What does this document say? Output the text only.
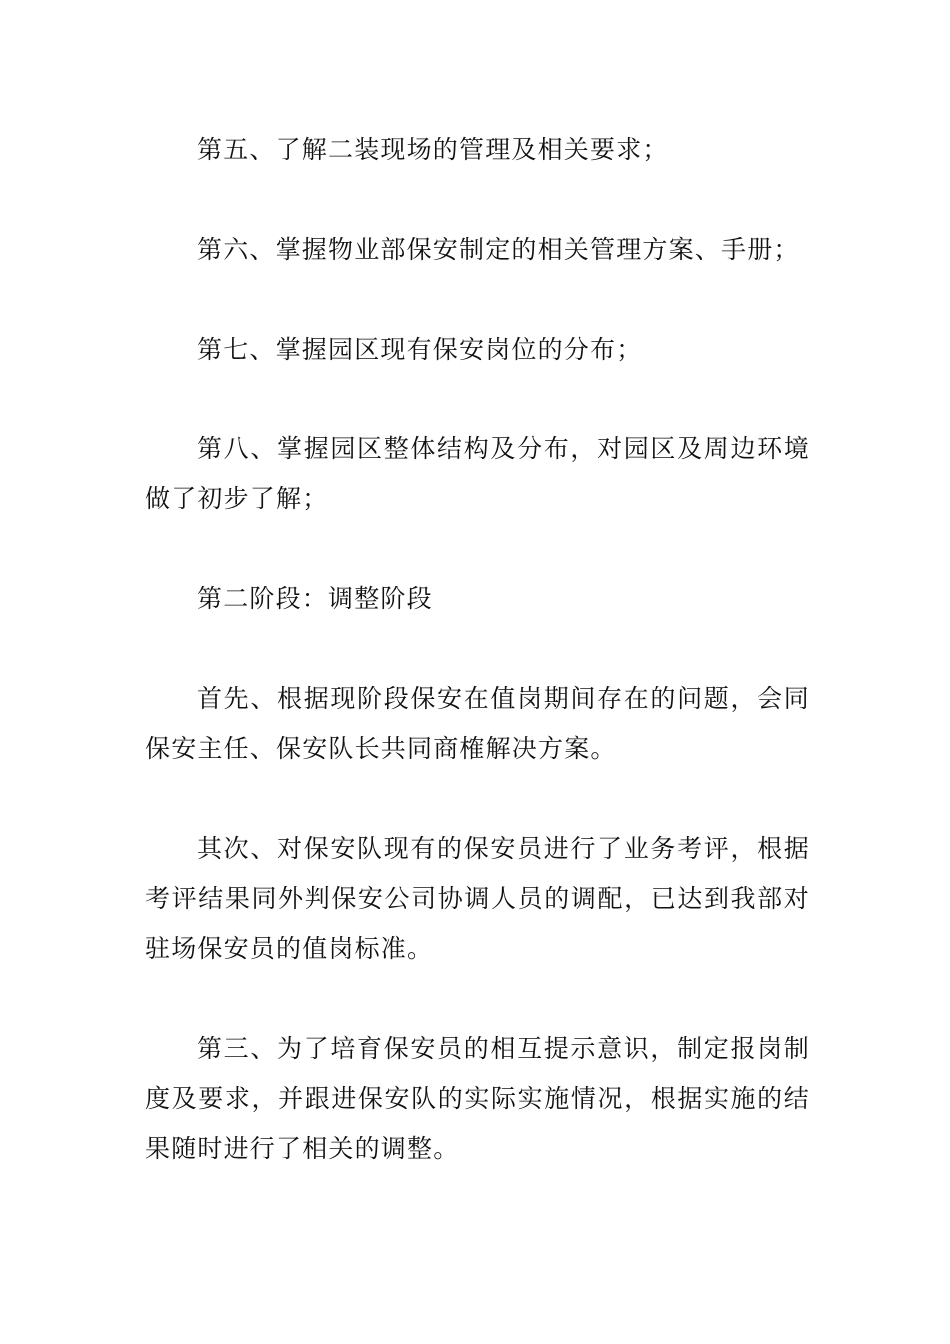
第五、了解二装现场的管理及相关要求；

第六、掌握物业部保安制定的相关管理方案、手册；

第七、掌握园区现有保安岗位的分布；

第八、掌握园区整体结构及分布，对园区及周边环境做了初步了解；

第二阶段：调整阶段

首先、根据现阶段保安在值岗期间存在的问题，会同保安主任、保安队长共同商榷解决方案。

其次、对保安队现有的保安员进行了业务考评，根据考评结果同外判保安公司协调人员的调配，已达到我部对驻场保安员的值岗标准。

第三、为了培育保安员的相互提示意识，制定报岗制度及要求，并跟进保安队的实际实施情况，根据实施的结果随时进行了相关的调整。
